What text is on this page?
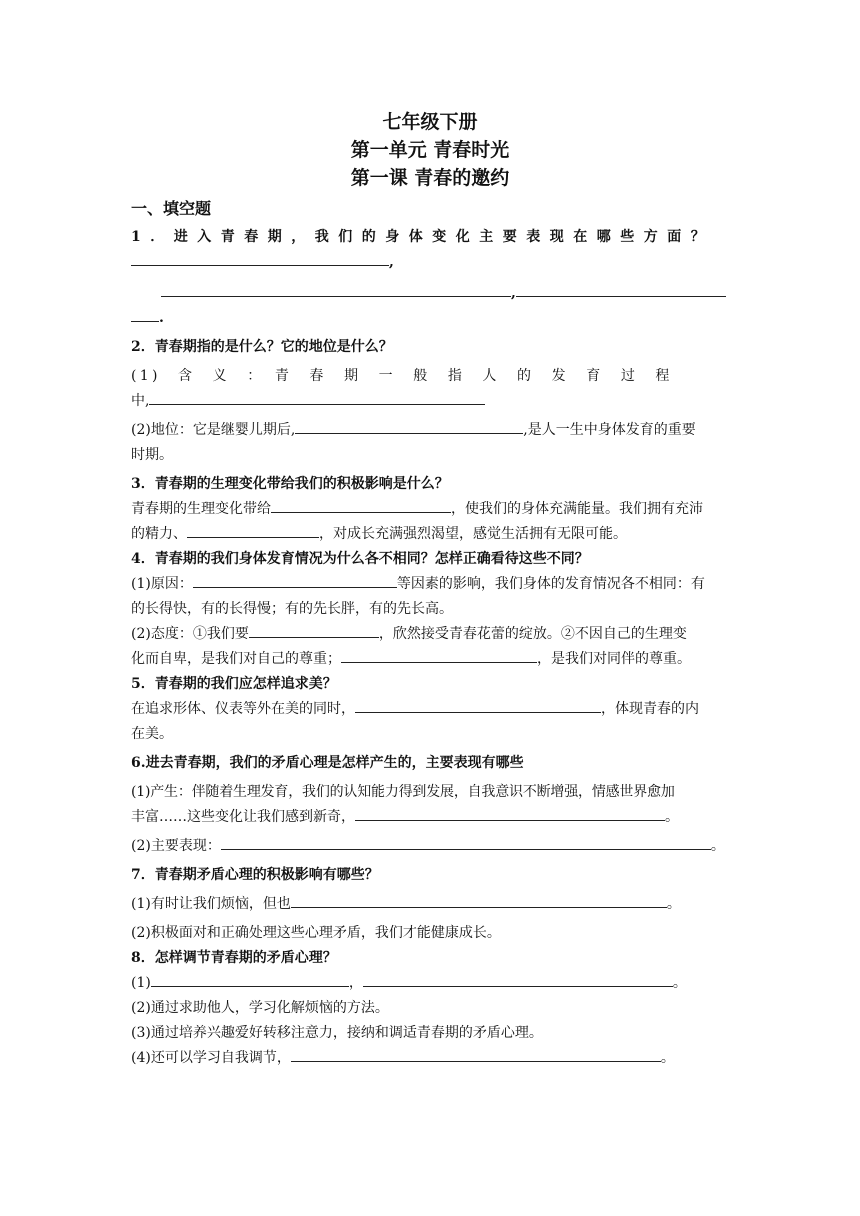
七年级下册

第一单元 青春时光

第一课 青春的邀约

一、填空题

1．进入青春期，我们的身体变化主要表现在哪些方面？

,

,

.

2．青春期指的是什么？它的地位是什么？

(1)　含　义　：　青　春　期　一　般　指　人　的　发　育　过　程

中,

(2)地位：它是继婴儿期后,	,是人一生中身体发育的重要

时期。

3．青春期的生理变化带给我们的积极影响是什么？

青春期的生理变化带给	，使我们的身体充满能量。我们拥有充沛

的精力、	，对成长充满强烈渴望，感觉生活拥有无限可能。

4．青春期的我们身体发育情况为什么各不相同？怎样正确看待这些不同？

(1)原因：	等因素的影响，我们身体的发育情况各不相同：有

的长得快，有的长得慢；有的先长胖，有的先长高。

(2)态度：①我们要	，欣然接受青春花蕾的绽放。②不因自己的生理变

化而自卑，是我们对自己的尊重；	，是我们对同伴的尊重。

5．青春期的我们应怎样追求美？

在追求形体、仪表等外在美的同时，	，体现青春的内

在美。

6.进去青春期，我们的矛盾心理是怎样产生的，主要表现有哪些

(1)产生：伴随着生理发育，我们的认知能力得到发展，自我意识不断增强，情感世界愈加

丰富……这些变化让我们感到新奇，	。

(2)主要表现：	。

7．青春期矛盾心理的积极影响有哪些？

(1)有时让我们烦恼，但也	。

(2)积极面对和正确处理这些心理矛盾，我们才能健康成长。

8．怎样调节青春期的矛盾心理？

(1)	，	。

(2)通过求助他人，学习化解烦恼的方法。

(3)通过培养兴趣爱好转移注意力，接纳和调适青春期的矛盾心理。

(4)还可以学习自我调节，	。
